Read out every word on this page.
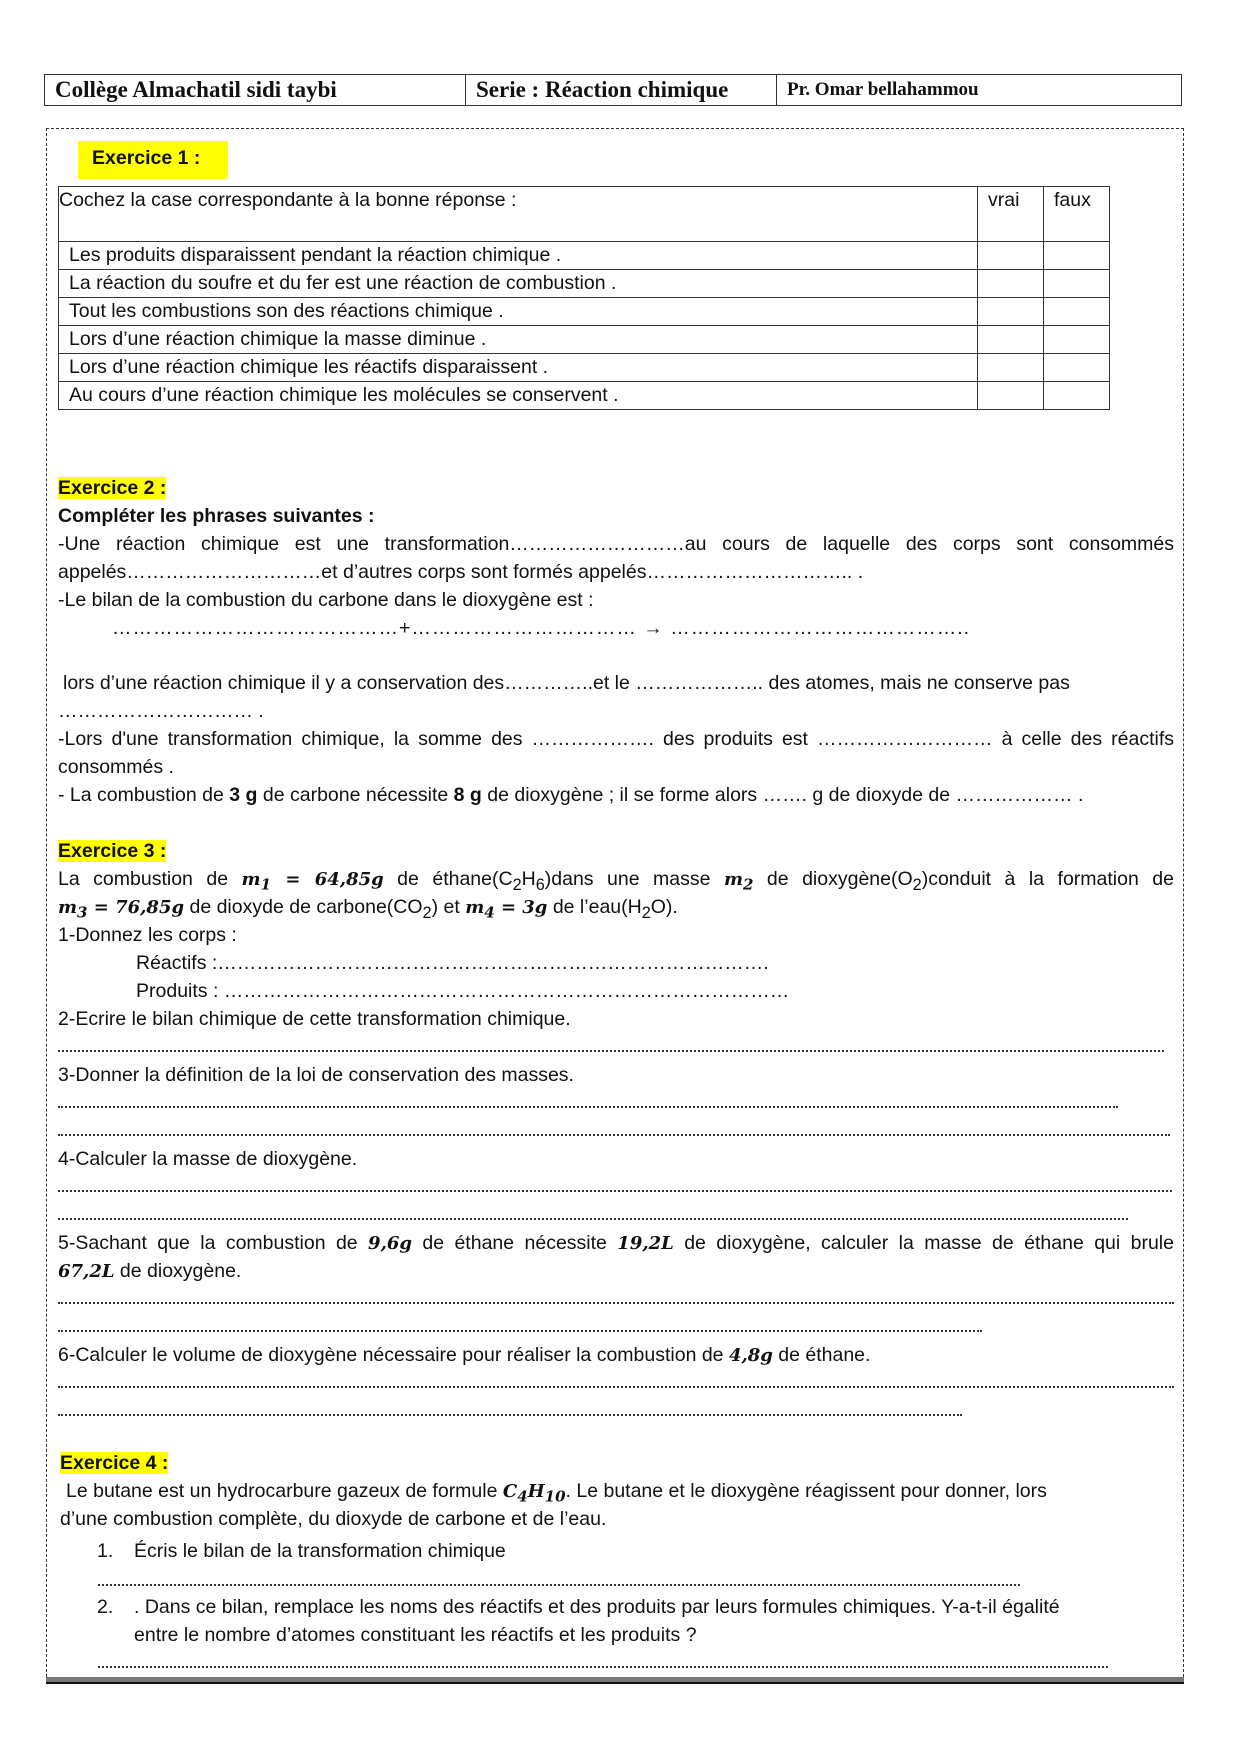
Collège Almachatil sidi taybi	Serie : Réaction chimique	Pr. Omar bellahammou
Exercice 1 :
Cochez la case correspondante à la bonne réponse :	vrai	faux
Les produits disparaissent pendant la réaction chimique .		
La réaction du soufre et du fer est une réaction de combustion .		
Tout les combustions son des réactions chimique .		
Lors d’une réaction chimique la masse diminue .		
Lors d’une réaction chimique les réactifs disparaissent .		
Au cours d’une réaction chimique les molécules se conservent .		
Exercice 2 :
Compléter les phrases suivantes :
-Une réaction chimique est une transformation………………………au cours de laquelle des corps sont consommés
appelés…………………………et d’autres corps sont formés appelés………………………….. .
-Le bilan de la combustion du carbone dans le dioxygène est :
……………………………………+…………………………… → ……………………………………..
lors d’une réaction chimique il y a conservation des…………..et le ……………….. des atomes, mais ne conserve pas
………………………… .
-Lors d'une transformation chimique, la somme des ………………. des produits est ……………………… à celle des réactifs
consommés .
- La combustion de 3 g de carbone nécessite 8 g de dioxygène ; il se forme alors ……. g de dioxyde de ……………… .
Exercice 3 :
La combustion de $m_1 = 64,85g$ de $éthane(C_2H_6)dans$ une masse $m_2$ de $dioxygène(O_2)conduit$ à la formation de
$m_3 = 76,85g$ de dioxyde de $carbone(CO_2)$ et $m_4 = 3g$ de $l’eau(H_2O)$.
1-Donnez les corps :
Réactifs :………………………………………………………………………….
Produits : ……………………………………………………………………………
2-Ecrire le bilan chimique de cette transformation chimique.
3-Donner la définition de la loi de conservation des masses.
4-Calculer la masse de dioxygène.
5-Sachant que la combustion de 9,6g de éthane nécessite 19,2L de dioxygène, calculer la masse de éthane qui brule
67,2L de dioxygène.
6-Calculer le volume de dioxygène nécessaire pour réaliser la combustion de 4,8g de éthane.
Exercice 4 :
Le butane est un hydrocarbure gazeux de formule $C_4H_{10}$. Le butane et le dioxygène réagissent pour donner, lors
d’une combustion complète, du dioxyde de carbone et de l’eau.
1.	Écris le bilan de la transformation chimique
2.	. Dans ce bilan, remplace les noms des réactifs et des produits par leurs formules chimiques. Y-a-t-il égalité
entre le nombre d’atomes constituant les réactifs et les produits ?
